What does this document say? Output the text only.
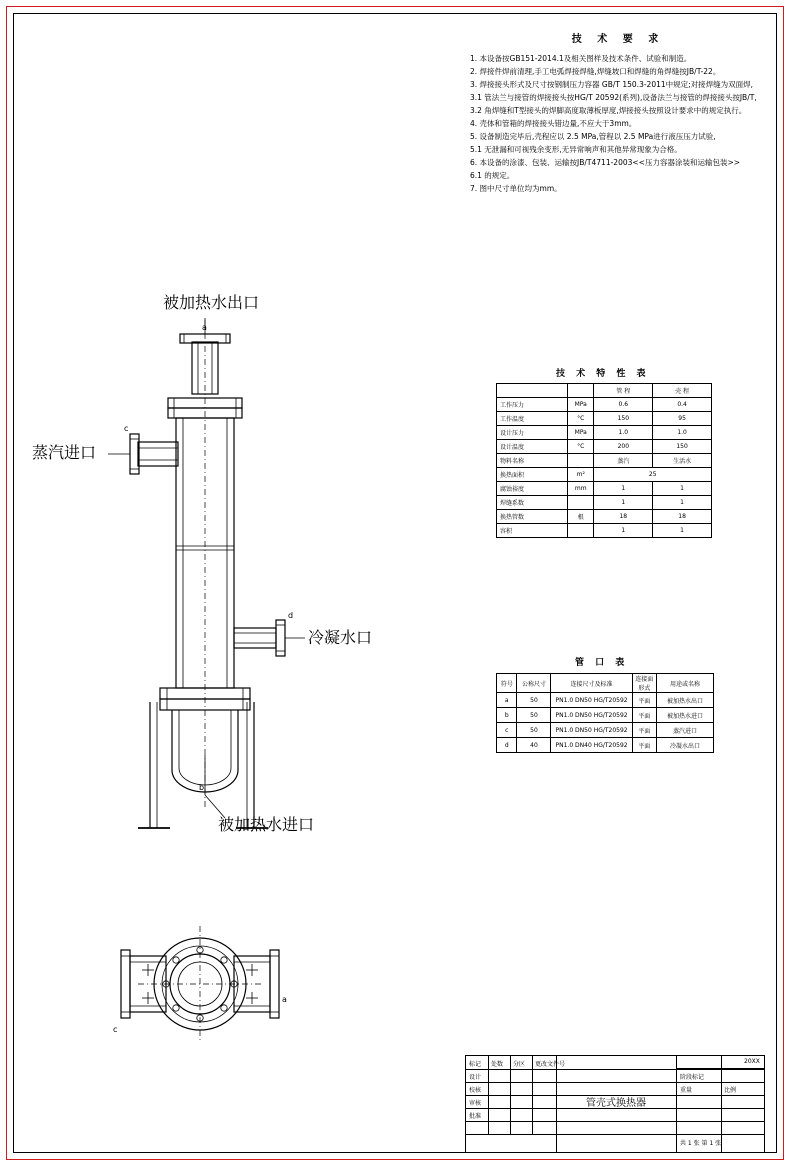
技 术 要 求
1. 本设备按GB151-2014.1及相关图样及技术条件、试验和制造。
2. 焊接件焊前清理,手工电弧焊接焊缝,焊缝坡口和焊缝的角焊缝按JB/T-22。
3. 焊接接头形式及尺寸按钢制压力容器 GB/T 150.3-2011中规定;对接焊缝为双面焊,
3.1 管法兰与接管的焊接接头按HG/T 20592(系列),设备法兰与接管的焊接接头按JB/T,
3.2 角焊缝和T型接头的焊脚高度取薄板厚度,焊接接头按照设计要求中的规定执行。
4. 壳体和管箱的焊接接头错边量,不应大于3mm。
5. 设备制造完毕后,壳程应以 2.5 MPa,管程以 2.5 MPa进行液压压力试验,
5.1 无泄漏和可视残余变形,无异常响声和其他异常现象为合格。
6. 本设备的涂漆、包装、运输按JB/T4711-2003<<压力容器涂装和运输包装>>
6.1 的规定。
7. 图中尺寸单位均为mm。
技 术 特 性 表
		管 程	壳 程
工作压力	MPa	0.6	0.4
工作温度	°C	150	95
设计压力	MPa	1.0	1.0
设计温度	°C	200	150
物料名称		蒸汽	生活水
换热面积	m²	25	
腐蚀裕度	mm	1	1
焊缝系数		1	1
换热管数	根	18	18
容积		1	1
管 口 表
符号	公称尺寸	连接尺寸及标准	连接面形式	用途或名称
a	50	PN1.0 DN50 HG/T20592	平面	被加热水出口
b	50	PN1.0 DN50 HG/T20592	平面	被加热水进口
c	50	PN1.0 DN50 HG/T20592	平面	蒸汽进口
d	40	PN1.0 DN40 HG/T20592	平面	冷凝水出口
a
c
d
b
c
a
被加热水出口
蒸汽进口
冷凝水口
被加热水进口
标记 处数 分区 更改文件号
设计
校核
审核
批准
管壳式换热器
阶段标记
重量	比例
共 1 张 第 1 张
20XX
